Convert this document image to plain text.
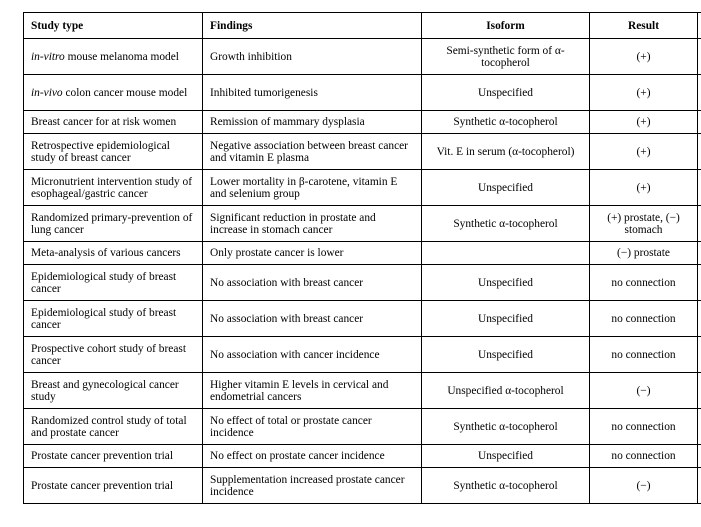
Study type	Findings	Isoform	Result	
in-vitro mouse melanoma model	Growth inhibition	Semi-synthetic form of α-tocopherol	(+)	
in-vivo colon cancer mouse model	Inhibited tumorigenesis	Unspecified	(+)	
Breast cancer for at risk women	Remission of mammary dysplasia	Synthetic α-tocopherol	(+)	
Retrospective epidemiological study of breast cancer	Negative association between breast cancer and vitamin E plasma	Vit. E in serum (α-tocopherol)	(+)	
Micronutrient intervention study of esophageal/gastric cancer	Lower mortality in β-carotene, vitamin E and selenium group	Unspecified	(+)	
Randomized primary-prevention of lung cancer	Significant reduction in prostate and increase in stomach cancer	Synthetic α-tocopherol	(+) prostate, (−) stomach	
Meta-analysis of various cancers	Only prostate cancer is lower		(−) prostate	
Epidemiological study of breast cancer	No association with breast cancer	Unspecified	no connection	
Epidemiological study of breast cancer	No association with breast cancer	Unspecified	no connection	
Prospective cohort study of breast cancer	No association with cancer incidence	Unspecified	no connection	
Breast and gynecological cancer study	Higher vitamin E levels in cervical and endometrial cancers	Unspecified α-tocopherol	(−)	
Randomized control study of total and prostate cancer	No effect of total or prostate cancer incidence	Synthetic α-tocopherol	no connection	
Prostate cancer prevention trial	No effect on prostate cancer incidence	Unspecified	no connection	
Prostate cancer prevention trial	Supplementation increased prostate cancer incidence	Synthetic α-tocopherol	(−)	
